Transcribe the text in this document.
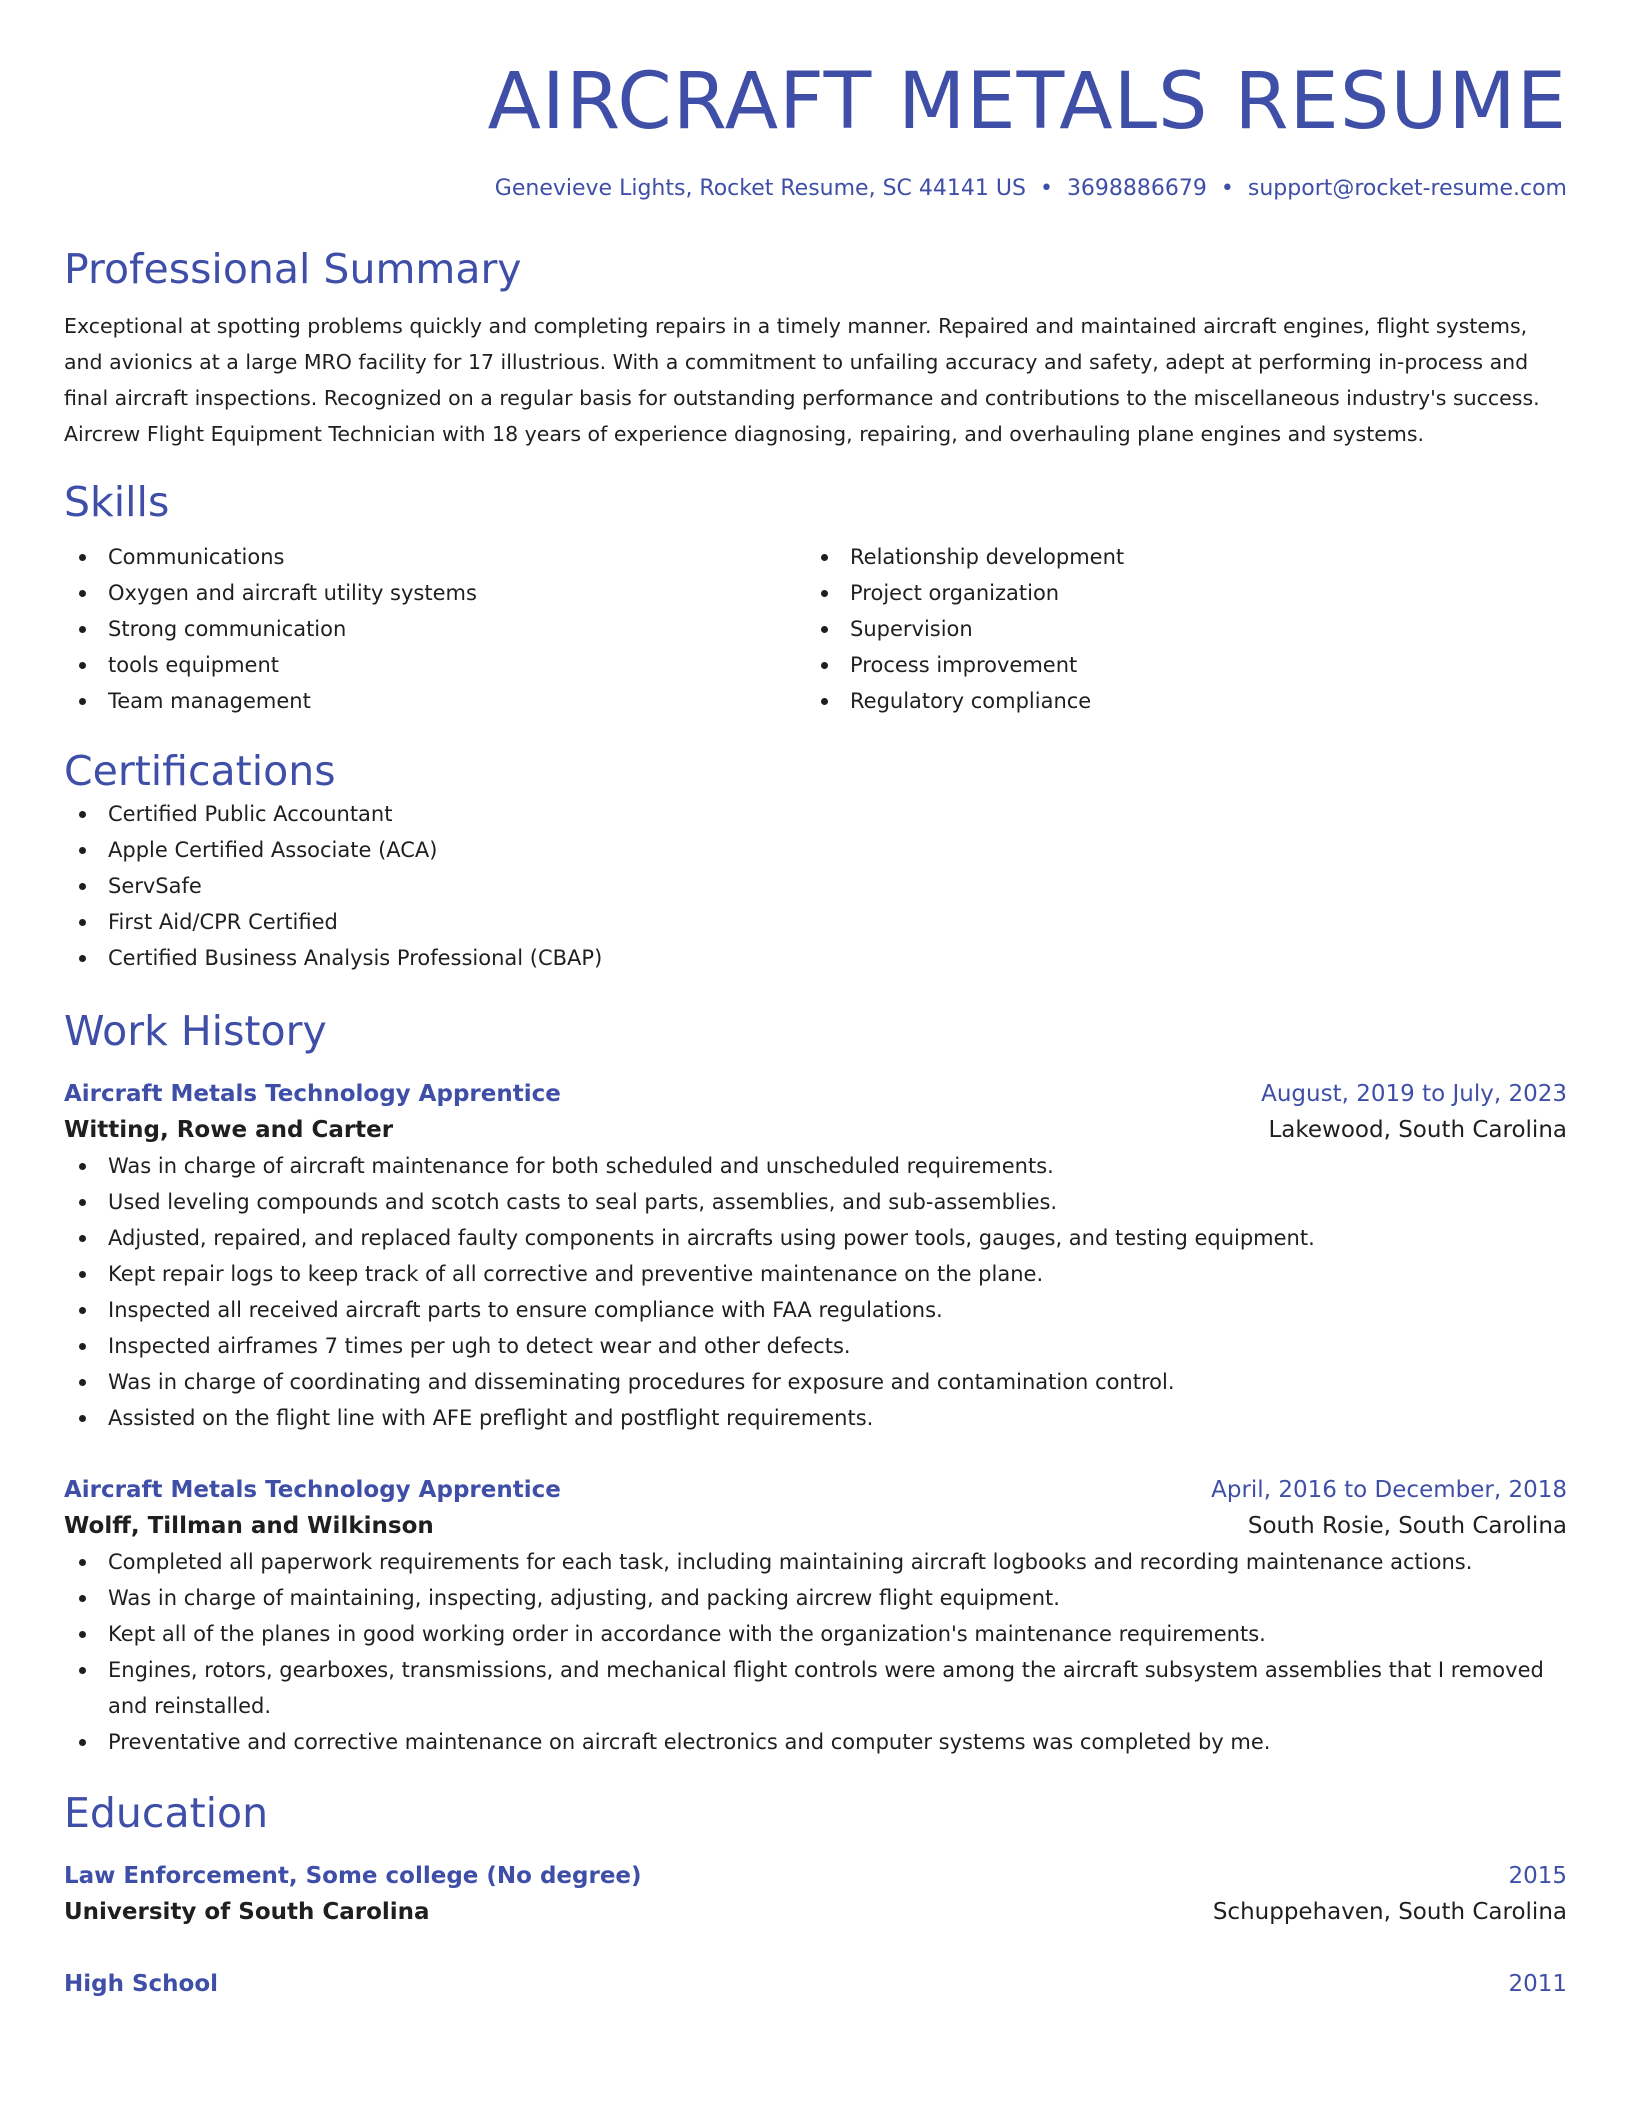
AIRCRAFT METALS RESUME
Genevieve Lights, Rocket Resume, SC 44141 US • 3698886679 • support@rocket-resume.com
Professional Summary
Exceptional at spotting problems quickly and completing repairs in a timely manner. Repaired and maintained aircraft engines, flight systems, and avionics at a large MRO facility for 17 illustrious. With a commitment to unfailing accuracy and safety, adept at performing in-process and final aircraft inspections. Recognized on a regular basis for outstanding performance and contributions to the miscellaneous industry's success. Aircrew Flight Equipment Technician with 18 years of experience diagnosing, repairing, and overhauling plane engines and systems.
Skills
Communications
Oxygen and aircraft utility systems
Strong communication
tools equipment
Team management
Relationship development
Project organization
Supervision
Process improvement
Regulatory compliance
Certifications
Certified Public Accountant
Apple Certified Associate (ACA)
ServSafe
First Aid/CPR Certified
Certified Business Analysis Professional (CBAP)
Work History
Aircraft Metals Technology Apprentice	August, 2019 to July, 2023
Witting, Rowe and Carter	Lakewood, South Carolina
Was in charge of aircraft maintenance for both scheduled and unscheduled requirements.
Used leveling compounds and scotch casts to seal parts, assemblies, and sub-assemblies.
Adjusted, repaired, and replaced faulty components in aircrafts using power tools, gauges, and testing equipment.
Kept repair logs to keep track of all corrective and preventive maintenance on the plane.
Inspected all received aircraft parts to ensure compliance with FAA regulations.
Inspected airframes 7 times per ugh to detect wear and other defects.
Was in charge of coordinating and disseminating procedures for exposure and contamination control.
Assisted on the flight line with AFE preflight and postflight requirements.
Aircraft Metals Technology Apprentice	April, 2016 to December, 2018
Wolff, Tillman and Wilkinson	South Rosie, South Carolina
Completed all paperwork requirements for each task, including maintaining aircraft logbooks and recording maintenance actions.
Was in charge of maintaining, inspecting, adjusting, and packing aircrew flight equipment.
Kept all of the planes in good working order in accordance with the organization's maintenance requirements.
Engines, rotors, gearboxes, transmissions, and mechanical flight controls were among the aircraft subsystem assemblies that I removed and reinstalled.
Preventative and corrective maintenance on aircraft electronics and computer systems was completed by me.
Education
Law Enforcement, Some college (No degree)	2015
University of South Carolina	Schuppehaven, South Carolina
High School	2011
